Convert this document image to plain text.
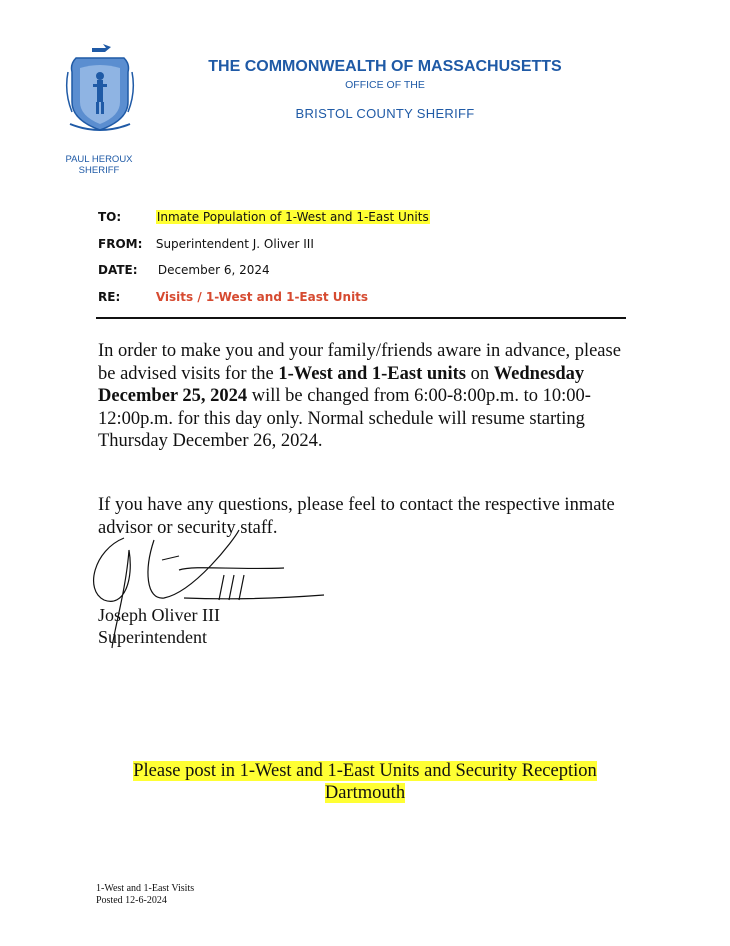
PAUL HEROUX
SHERIFF
THE COMMONWEALTH OF MASSACHUSETTS
OFFICE OF THE
BRISTOL COUNTY SHERIFF
TO:	Inmate Population of 1-West and 1-East Units
FROM: Superintendent J. Oliver III
DATE: December 6, 2024
RE:	Visits / 1-West and 1-East Units
In order to make you and your family/friends aware in advance, please be advised visits for the 1-West and 1-East units on Wednesday December 25, 2024 will be changed from 6:00-8:00p.m. to 10:00-12:00p.m. for this day only. Normal schedule will resume starting Thursday December 26, 2024.
If you have any questions, please feel to contact the respective inmate advisor or security staff.
Joseph Oliver III
Superintendent
Please post in 1-West and 1-East Units and Security Reception
Dartmouth
1-West and 1-East Visits
Posted 12-6-2024
